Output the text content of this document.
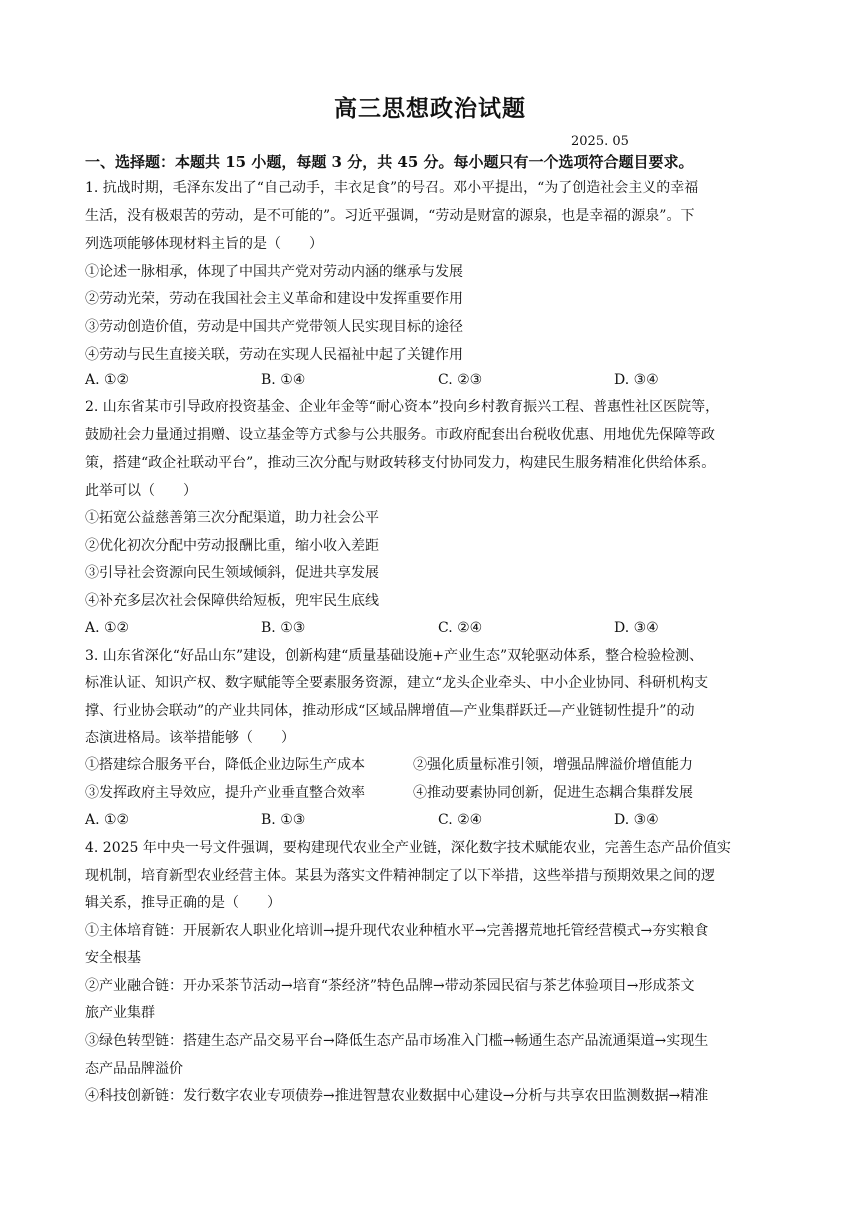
高三思想政治试题
2025. 05
一、选择题：本题共 15 小题，每题 3 分，共 45 分。每小题只有一个选项符合题目要求。
1. 抗战时期，毛泽东发出了“自己动手，丰衣足食”的号召。邓小平提出，“为了创造社会主义的幸福
生活，没有极艰苦的劳动，是不可能的”。习近平强调，“劳动是财富的源泉，也是幸福的源泉”。下
列选项能够体现材料主旨的是（　　）
①论述一脉相承，体现了中国共产党对劳动内涵的继承与发展
②劳动光荣，劳动在我国社会主义革命和建设中发挥重要作用
③劳动创造价值，劳动是中国共产党带领人民实现目标的途径
④劳动与民生直接关联，劳动在实现人民福祉中起了关键作用
A. ①②	B. ①④	C. ②③	D. ③④
2. 山东省某市引导政府投资基金、企业年金等“耐心资本”投向乡村教育振兴工程、普惠性社区医院等，
鼓励社会力量通过捐赠、设立基金等方式参与公共服务。市政府配套出台税收优惠、用地优先保障等政
策，搭建“政企社联动平台”，推动三次分配与财政转移支付协同发力，构建民生服务精准化供给体系。
此举可以（　　）
①拓宽公益慈善第三次分配渠道，助力社会公平
②优化初次分配中劳动报酬比重，缩小收入差距
③引导社会资源向民生领域倾斜，促进共享发展
④补充多层次社会保障供给短板，兜牢民生底线
A. ①②	B. ①③	C. ②④	D. ③④
3. 山东省深化“好品山东”建设，创新构建“质量基础设施+产业生态”双轮驱动体系，整合检验检测、
标准认证、知识产权、数字赋能等全要素服务资源，建立“龙头企业牵头、中小企业协同、科研机构支
撑、行业协会联动”的产业共同体，推动形成“区域品牌增值—产业集群跃迁—产业链韧性提升”的动
态演进格局。该举措能够（　　）
①搭建综合服务平台，降低企业边际生产成本	②强化质量标准引领，增强品牌溢价增值能力
③发挥政府主导效应，提升产业垂直整合效率	④推动要素协同创新，促进生态耦合集群发展
A. ①②	B. ①③	C. ②④	D. ③④
4. 2025 年中央一号文件强调，要构建现代农业全产业链，深化数字技术赋能农业，完善生态产品价值实
现机制，培育新型农业经营主体。某县为落实文件精神制定了以下举措，这些举措与预期效果之间的逻
辑关系，推导正确的是（　　）
①主体培育链：开展新农人职业化培训→提升现代农业种植水平→完善撂荒地托管经营模式→夯实粮食
安全根基
②产业融合链：开办采茶节活动→培育“茶经济”特色品牌→带动茶园民宿与茶艺体验项目→形成茶文
旅产业集群
③绿色转型链：搭建生态产品交易平台→降低生态产品市场准入门槛→畅通生态产品流通渠道→实现生
态产品品牌溢价
④科技创新链：发行数字农业专项债券→推进智慧农业数据中心建设→分析与共享农田监测数据→精准
